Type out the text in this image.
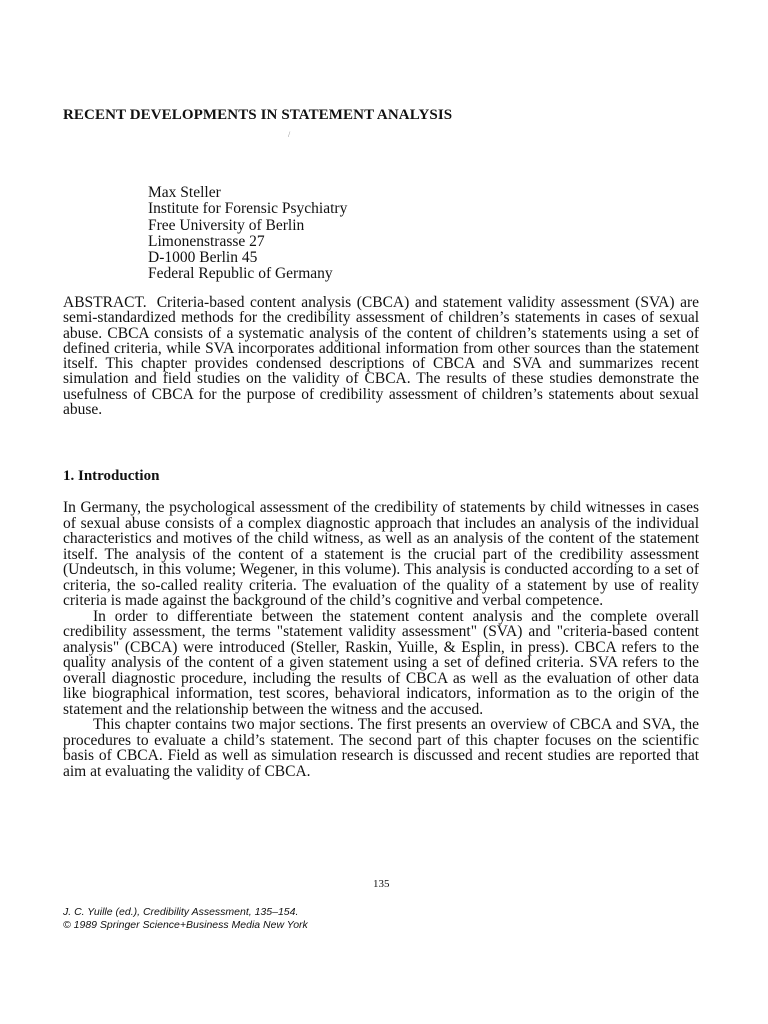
RECENT DEVELOPMENTS IN STATEMENT ANALYSIS
/
Max Steller
Institute for Forensic Psychiatry
Free University of Berlin
Limonenstrasse 27
D-1000 Berlin 45
Federal Republic of Germany

ABSTRACT. Criteria-based content analysis (CBCA) and statement validity assessment (SVA) are semi-standardized methods for the credibility assessment of children’s statements in cases of sexual abuse. CBCA consists of a systematic analysis of the content of children’s statements using a set of defined criteria, while SVA incorporates additional information from other sources than the statement itself. This chapter provides condensed descriptions of CBCA and SVA and summarizes recent simulation and field studies on the validity of CBCA. The results of these studies demonstrate the usefulness of CBCA for the purpose of credibility assessment of children’s statements about sexual abuse.

1. Introduction

In Germany, the psychological assessment of the credibility of statements by child witnesses in cases of sexual abuse consists of a complex diagnostic approach that includes an analysis of the individual characteristics and motives of the child witness, as well as an analysis of the content of the statement itself. The analysis of the content of a statement is the crucial part of the credibility assessment (Undeutsch, in this volume; Wegener, in this volume). This analysis is conducted according to a set of criteria, the so-called reality criteria. The evaluation of the quality of a statement by use of reality criteria is made against the background of the child’s cognitive and verbal competence.

In order to differentiate between the statement content analysis and the complete overall credibility assessment, the terms "statement validity assessment" (SVA) and "criteria-based content analysis" (CBCA) were introduced (Steller, Raskin, Yuille, & Esplin, in press). CBCA refers to the quality analysis of the content of a given statement using a set of defined criteria. SVA refers to the overall diagnostic procedure, including the results of CBCA as well as the evaluation of other data like biographical information, test scores, behavioral indicators, information as to the origin of the statement and the relationship between the witness and the accused.

This chapter contains two major sections. The first presents an overview of CBCA and SVA, the procedures to evaluate a child’s statement. The second part of this chapter focuses on the scientific basis of CBCA. Field as well as simulation research is discussed and recent studies are reported that aim at evaluating the validity of CBCA.

135
J. C. Yuille (ed.), Credibility Assessment, 135–154.
© 1989 Springer Science+Business Media New York
